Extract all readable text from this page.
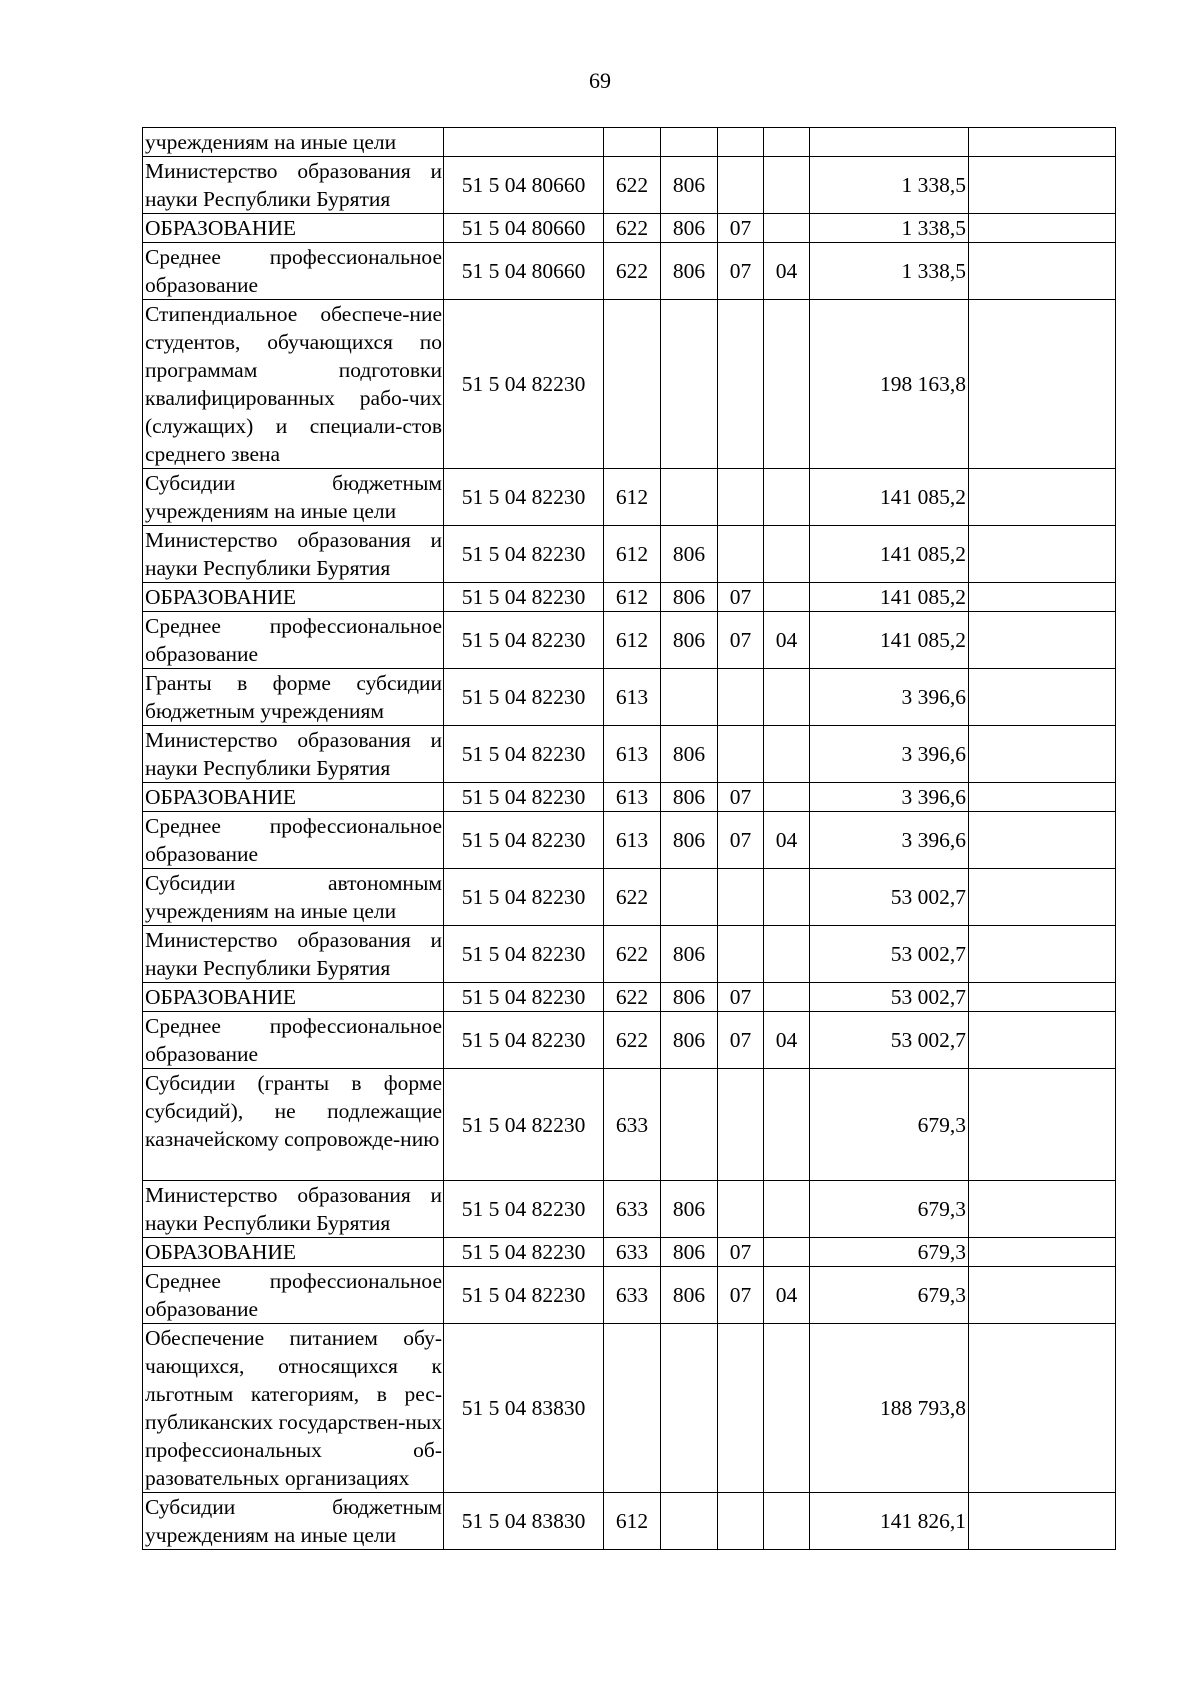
69
учреждениям на иные цели							
Министерство образования и науки Республики Бурятия	51 5 04 80660	622	806			1 338,5	
ОБРАЗОВАНИЕ	51 5 04 80660	622	806	07		1 338,5	
Среднее профессиональное образование	51 5 04 80660	622	806	07	04	1 338,5	
Стипендиальное обеспече-ние студентов, обучающихся по программам подготовки квалифицированных рабо-чих (служащих) и специали-стов среднего звена	51 5 04 82230					198 163,8	
Субсидии бюджетным учреждениям на иные цели	51 5 04 82230	612				141 085,2	
Министерство образования и науки Республики Бурятия	51 5 04 82230	612	806			141 085,2	
ОБРАЗОВАНИЕ	51 5 04 82230	612	806	07		141 085,2	
Среднее профессиональное образование	51 5 04 82230	612	806	07	04	141 085,2	
Гранты в форме субсидии бюджетным учреждениям	51 5 04 82230	613				3 396,6	
Министерство образования и науки Республики Бурятия	51 5 04 82230	613	806			3 396,6	
ОБРАЗОВАНИЕ	51 5 04 82230	613	806	07		3 396,6	
Среднее профессиональное образование	51 5 04 82230	613	806	07	04	3 396,6	
Субсидии автономным учреждениям на иные цели	51 5 04 82230	622				53 002,7	
Министерство образования и науки Республики Бурятия	51 5 04 82230	622	806			53 002,7	
ОБРАЗОВАНИЕ	51 5 04 82230	622	806	07		53 002,7	
Среднее профессиональное образование	51 5 04 82230	622	806	07	04	53 002,7	
Субсидии (гранты в форме субсидий), не подлежащие казначейскому сопровожде-нию	51 5 04 82230	633				679,3	
Министерство образования и науки Республики Бурятия	51 5 04 82230	633	806			679,3	
ОБРАЗОВАНИЕ	51 5 04 82230	633	806	07		679,3	
Среднее профессиональное образование	51 5 04 82230	633	806	07	04	679,3	
Обеспечение питанием обу-чающихся, относящихся к льготным категориям, в рес-публиканских государствен-ных профессиональных об-разовательных организациях	51 5 04 83830					188 793,8	
Субсидии бюджетным учреждениям на иные цели	51 5 04 83830	612				141 826,1	
